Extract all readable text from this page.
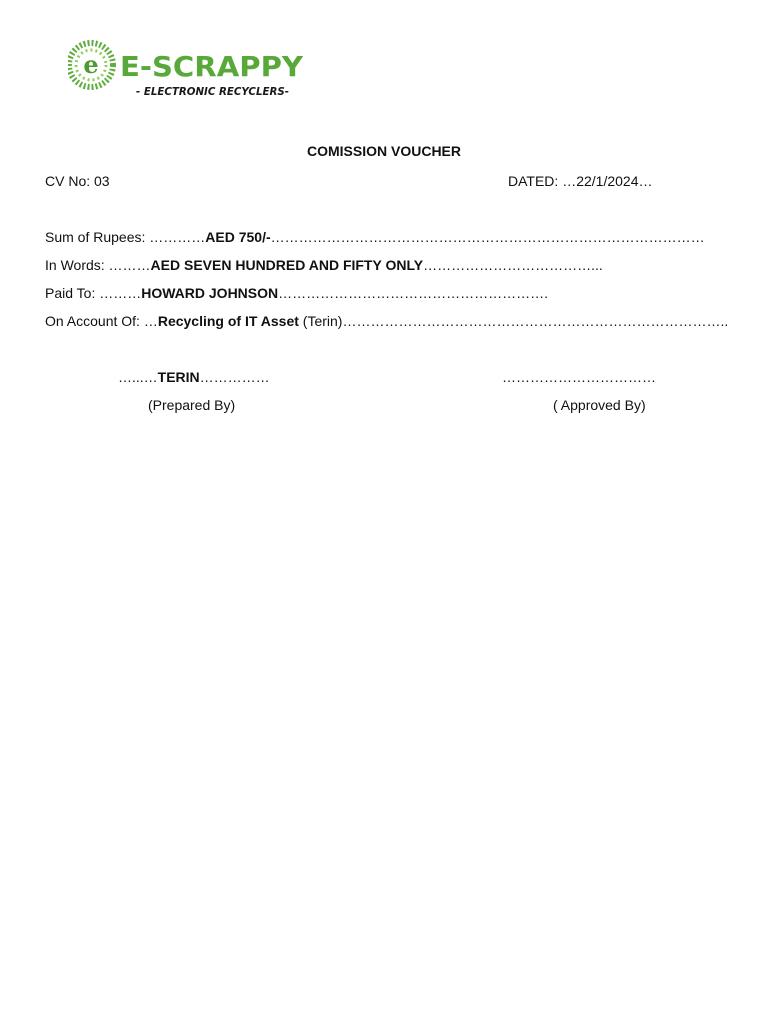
e E-SCRAPPY
- ELECTRONIC RECYCLERS-
COMISSION VOUCHER
CV No: 03	DATED: …22/1/2024…
Sum of Rupees: …………AED 750/-…………………………………………………………………………………
In Words: ………AED SEVEN HUNDRED AND FIFTY ONLY………………………………...
Paid To: ………HOWARD JOHNSON………………………………………………….
On Account Of: …Recycling of IT Asset (Terin)………………………………………………………………………..
…...…TERIN……………
(Prepared By)
……………………………
( Approved By)
